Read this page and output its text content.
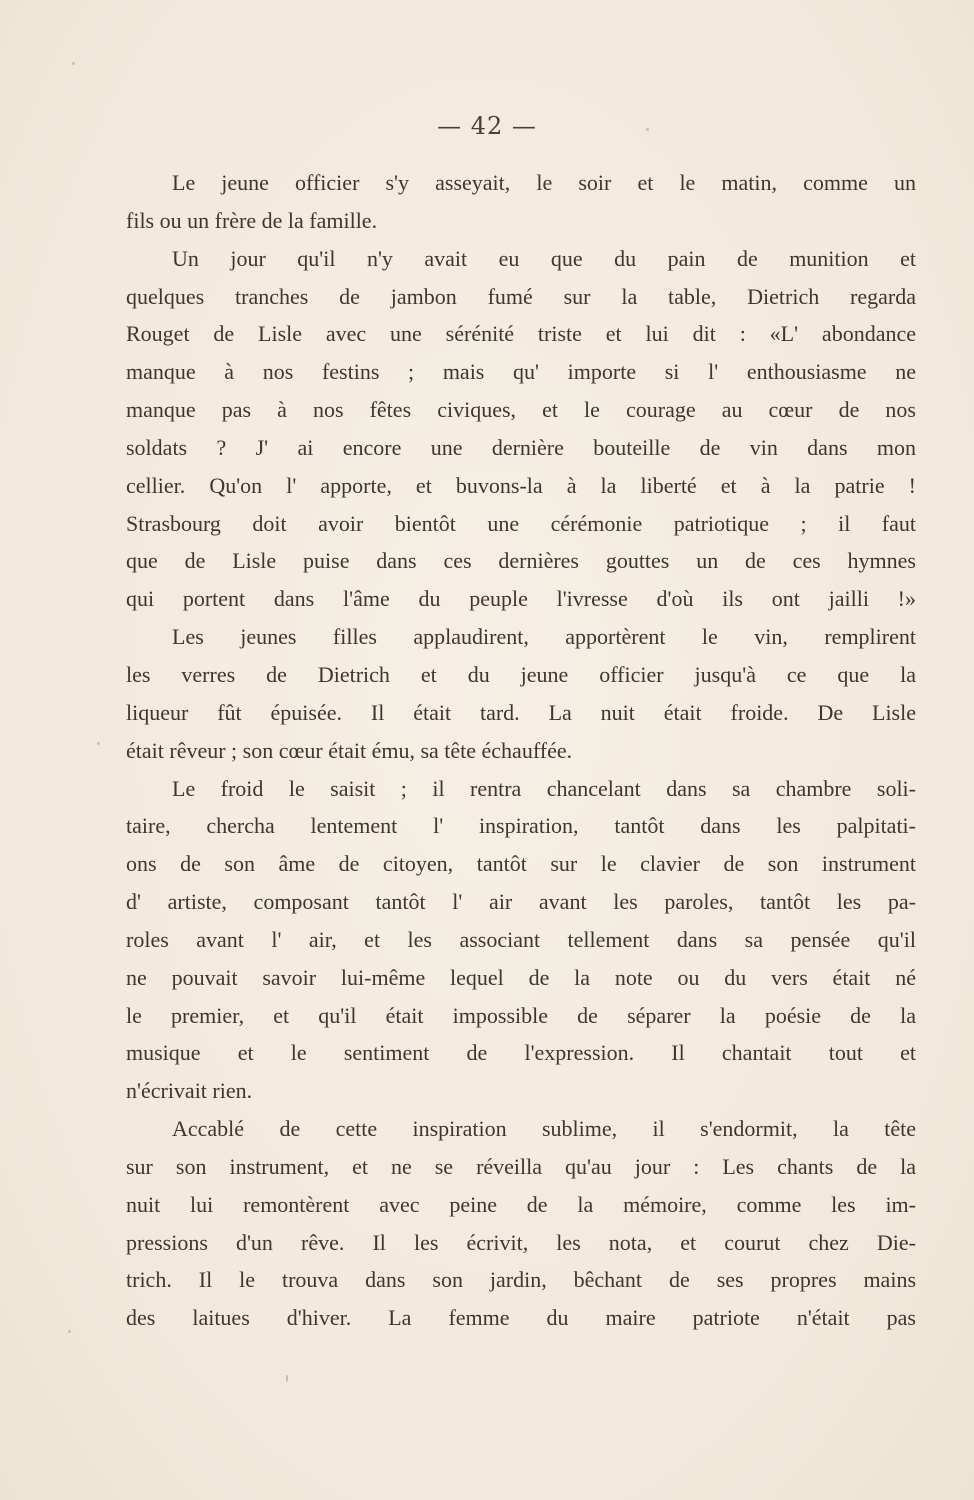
— 42 —
Le jeune officier s'y asseyait, le soir et le matin, comme un
fils ou un frère de la famille.
Un jour qu'il n'y avait eu que du pain de munition et
quelques tranches de jambon fumé sur la table, Dietrich regarda
Rouget de Lisle avec une sérénité triste et lui dit : «L' abondance
manque à nos festins ; mais qu' importe si l' enthousiasme ne
manque pas à nos fêtes civiques, et le courage au cœur de nos
soldats ? J' ai encore une dernière bouteille de vin dans mon
cellier. Qu'on l' apporte, et buvons-la à la liberté et à la patrie !
Strasbourg doit avoir bientôt une cérémonie patriotique ; il faut
que de Lisle puise dans ces dernières gouttes un de ces hymnes
qui portent dans l'âme du peuple l'ivresse d'où ils ont jailli !»
Les jeunes filles applaudirent, apportèrent le vin, remplirent
les verres de Dietrich et du jeune officier jusqu'à ce que la
liqueur fût épuisée. Il était tard. La nuit était froide. De Lisle
était rêveur ; son cœur était ému, sa tête échauffée.
Le froid le saisit ; il rentra chancelant dans sa chambre soli-
taire, chercha lentement l' inspiration, tantôt dans les palpitati-
ons de son âme de citoyen, tantôt sur le clavier de son instrument
d' artiste, composant tantôt l' air avant les paroles, tantôt les pa-
roles avant l' air, et les associant tellement dans sa pensée qu'il
ne pouvait savoir lui-même lequel de la note ou du vers était né
le premier, et qu'il était impossible de séparer la poésie de la
musique et le sentiment de l'expression. Il chantait tout et
n'écrivait rien.
Accablé de cette inspiration sublime, il s'endormit, la tête
sur son instrument, et ne se réveilla qu'au jour : Les chants de la
nuit lui remontèrent avec peine de la mémoire, comme les im-
pressions d'un rêve. Il les écrivit, les nota, et courut chez Die-
trich. Il le trouva dans son jardin, bêchant de ses propres mains
des laitues d'hiver. La femme du maire patriote n'était pas
